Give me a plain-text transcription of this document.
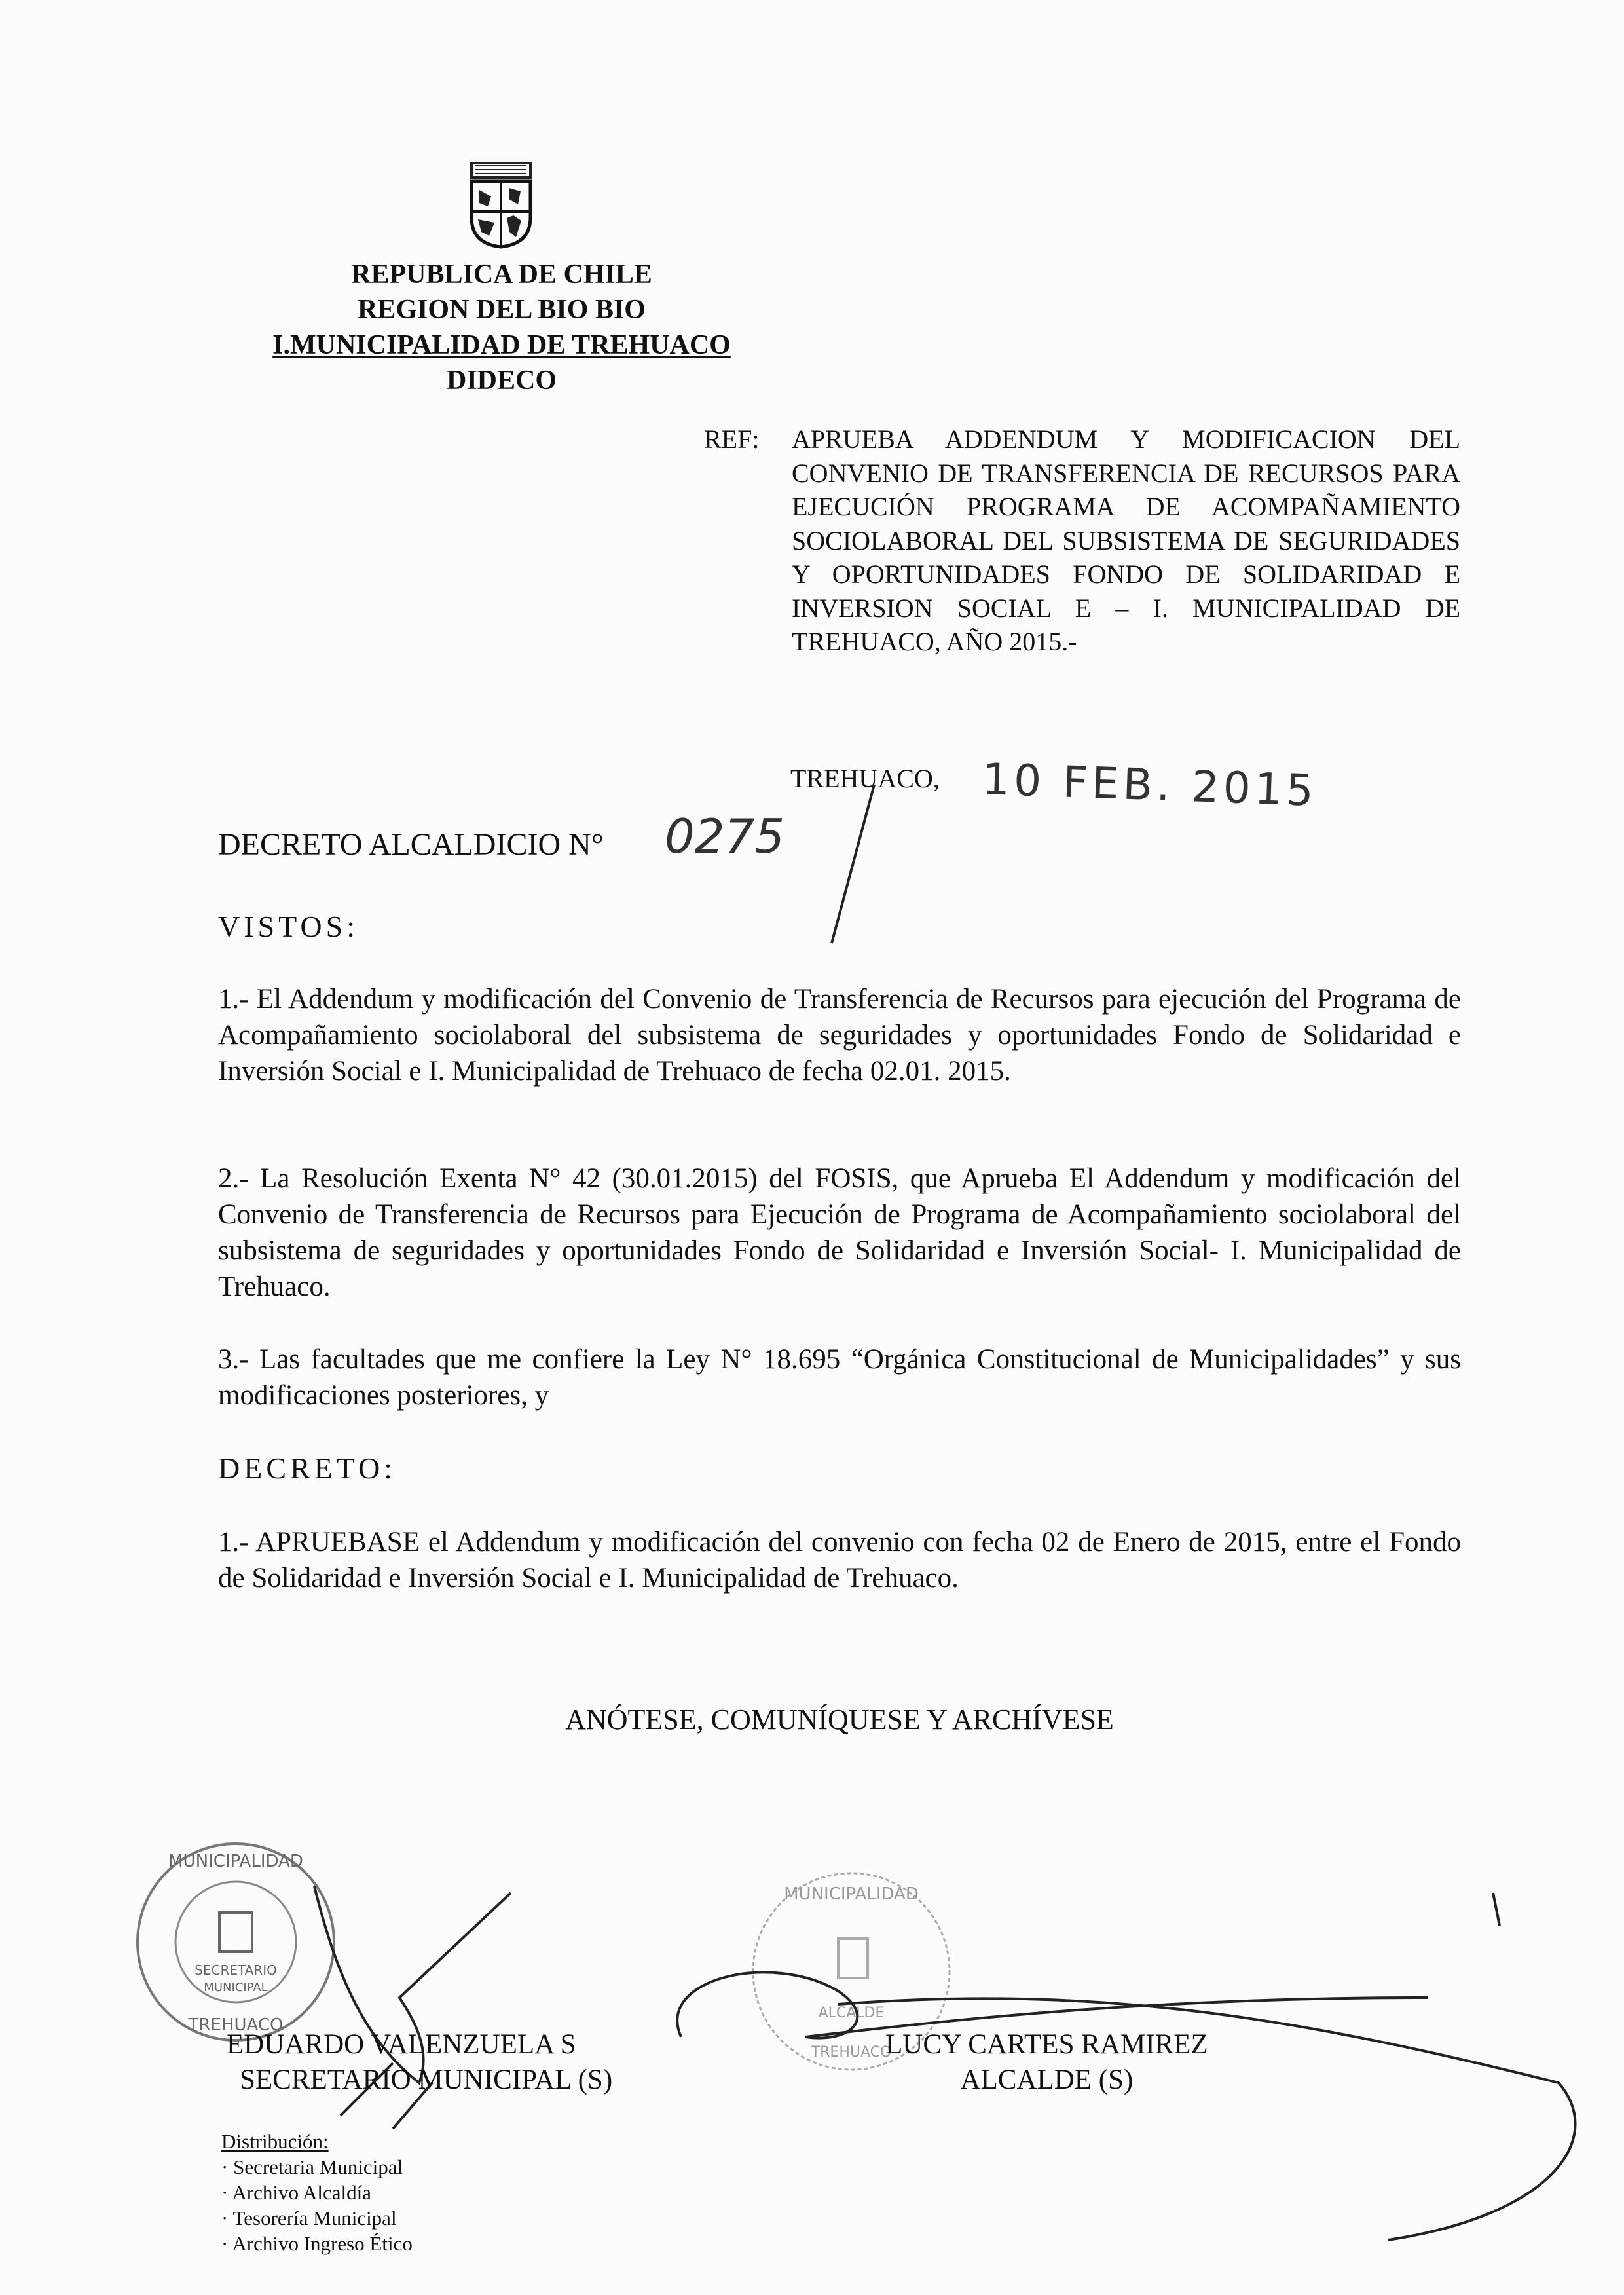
REPUBLICA DE CHILE
REGION DEL BIO BIO
I.MUNICIPALIDAD DE TREHUACO
DIDECO
REF: APRUEBA ADDENDUM Y MODIFICACION DEL CONVENIO DE TRANSFERENCIA DE RECURSOS PARA EJECUCIÓN PROGRAMA DE ACOMPAÑAMIENTO SOCIOLABORAL DEL SUBSISTEMA DE SEGURIDADES Y OPORTUNIDADES FONDO DE SOLIDARIDAD E INVERSION SOCIAL E – I. MUNICIPALIDAD DE TREHUACO, AÑO 2015.-
TREHUACO, 10 FEB. 2015
DECRETO ALCALDICIO N° 0275
VISTOS:
1.- El Addendum y modificación del Convenio de Transferencia de Recursos para ejecución del Programa de Acompañamiento sociolaboral del subsistema de seguridades y oportunidades Fondo de Solidaridad e Inversión Social e I. Municipalidad de Trehuaco de fecha 02.01. 2015.
2.- La Resolución Exenta N° 42 (30.01.2015) del FOSIS, que Aprueba El Addendum y modificación del Convenio de Transferencia de Recursos para Ejecución de Programa de Acompañamiento sociolaboral del subsistema de seguridades y oportunidades Fondo de Solidaridad e Inversión Social- I. Municipalidad de Trehuaco.
3.- Las facultades que me confiere la Ley N° 18.695 “Orgánica Constitucional de Municipalidades” y sus modificaciones posteriores, y
DECRETO:
1.- APRUEBASE el Addendum y modificación del convenio con fecha 02 de Enero de 2015, entre el Fondo de Solidaridad e Inversión Social e I. Municipalidad de Trehuaco.
ANÓTESE, COMUNÍQUESE Y ARCHÍVESE
SECRETARIO
MUNICIPAL
MUNICIPALIDAD
TREHUACO
MUNICIPALIDAD
ALCALDE
TREHUACO
EDUARDO VALENZUELA S
SECRETARIO MUNICIPAL (S)
LUCY CARTES RAMIREZ
ALCALDE (S)
Distribución:
· Secretaria Municipal
· Archivo Alcaldía
· Tesorería Municipal
· Archivo Ingreso Ético
